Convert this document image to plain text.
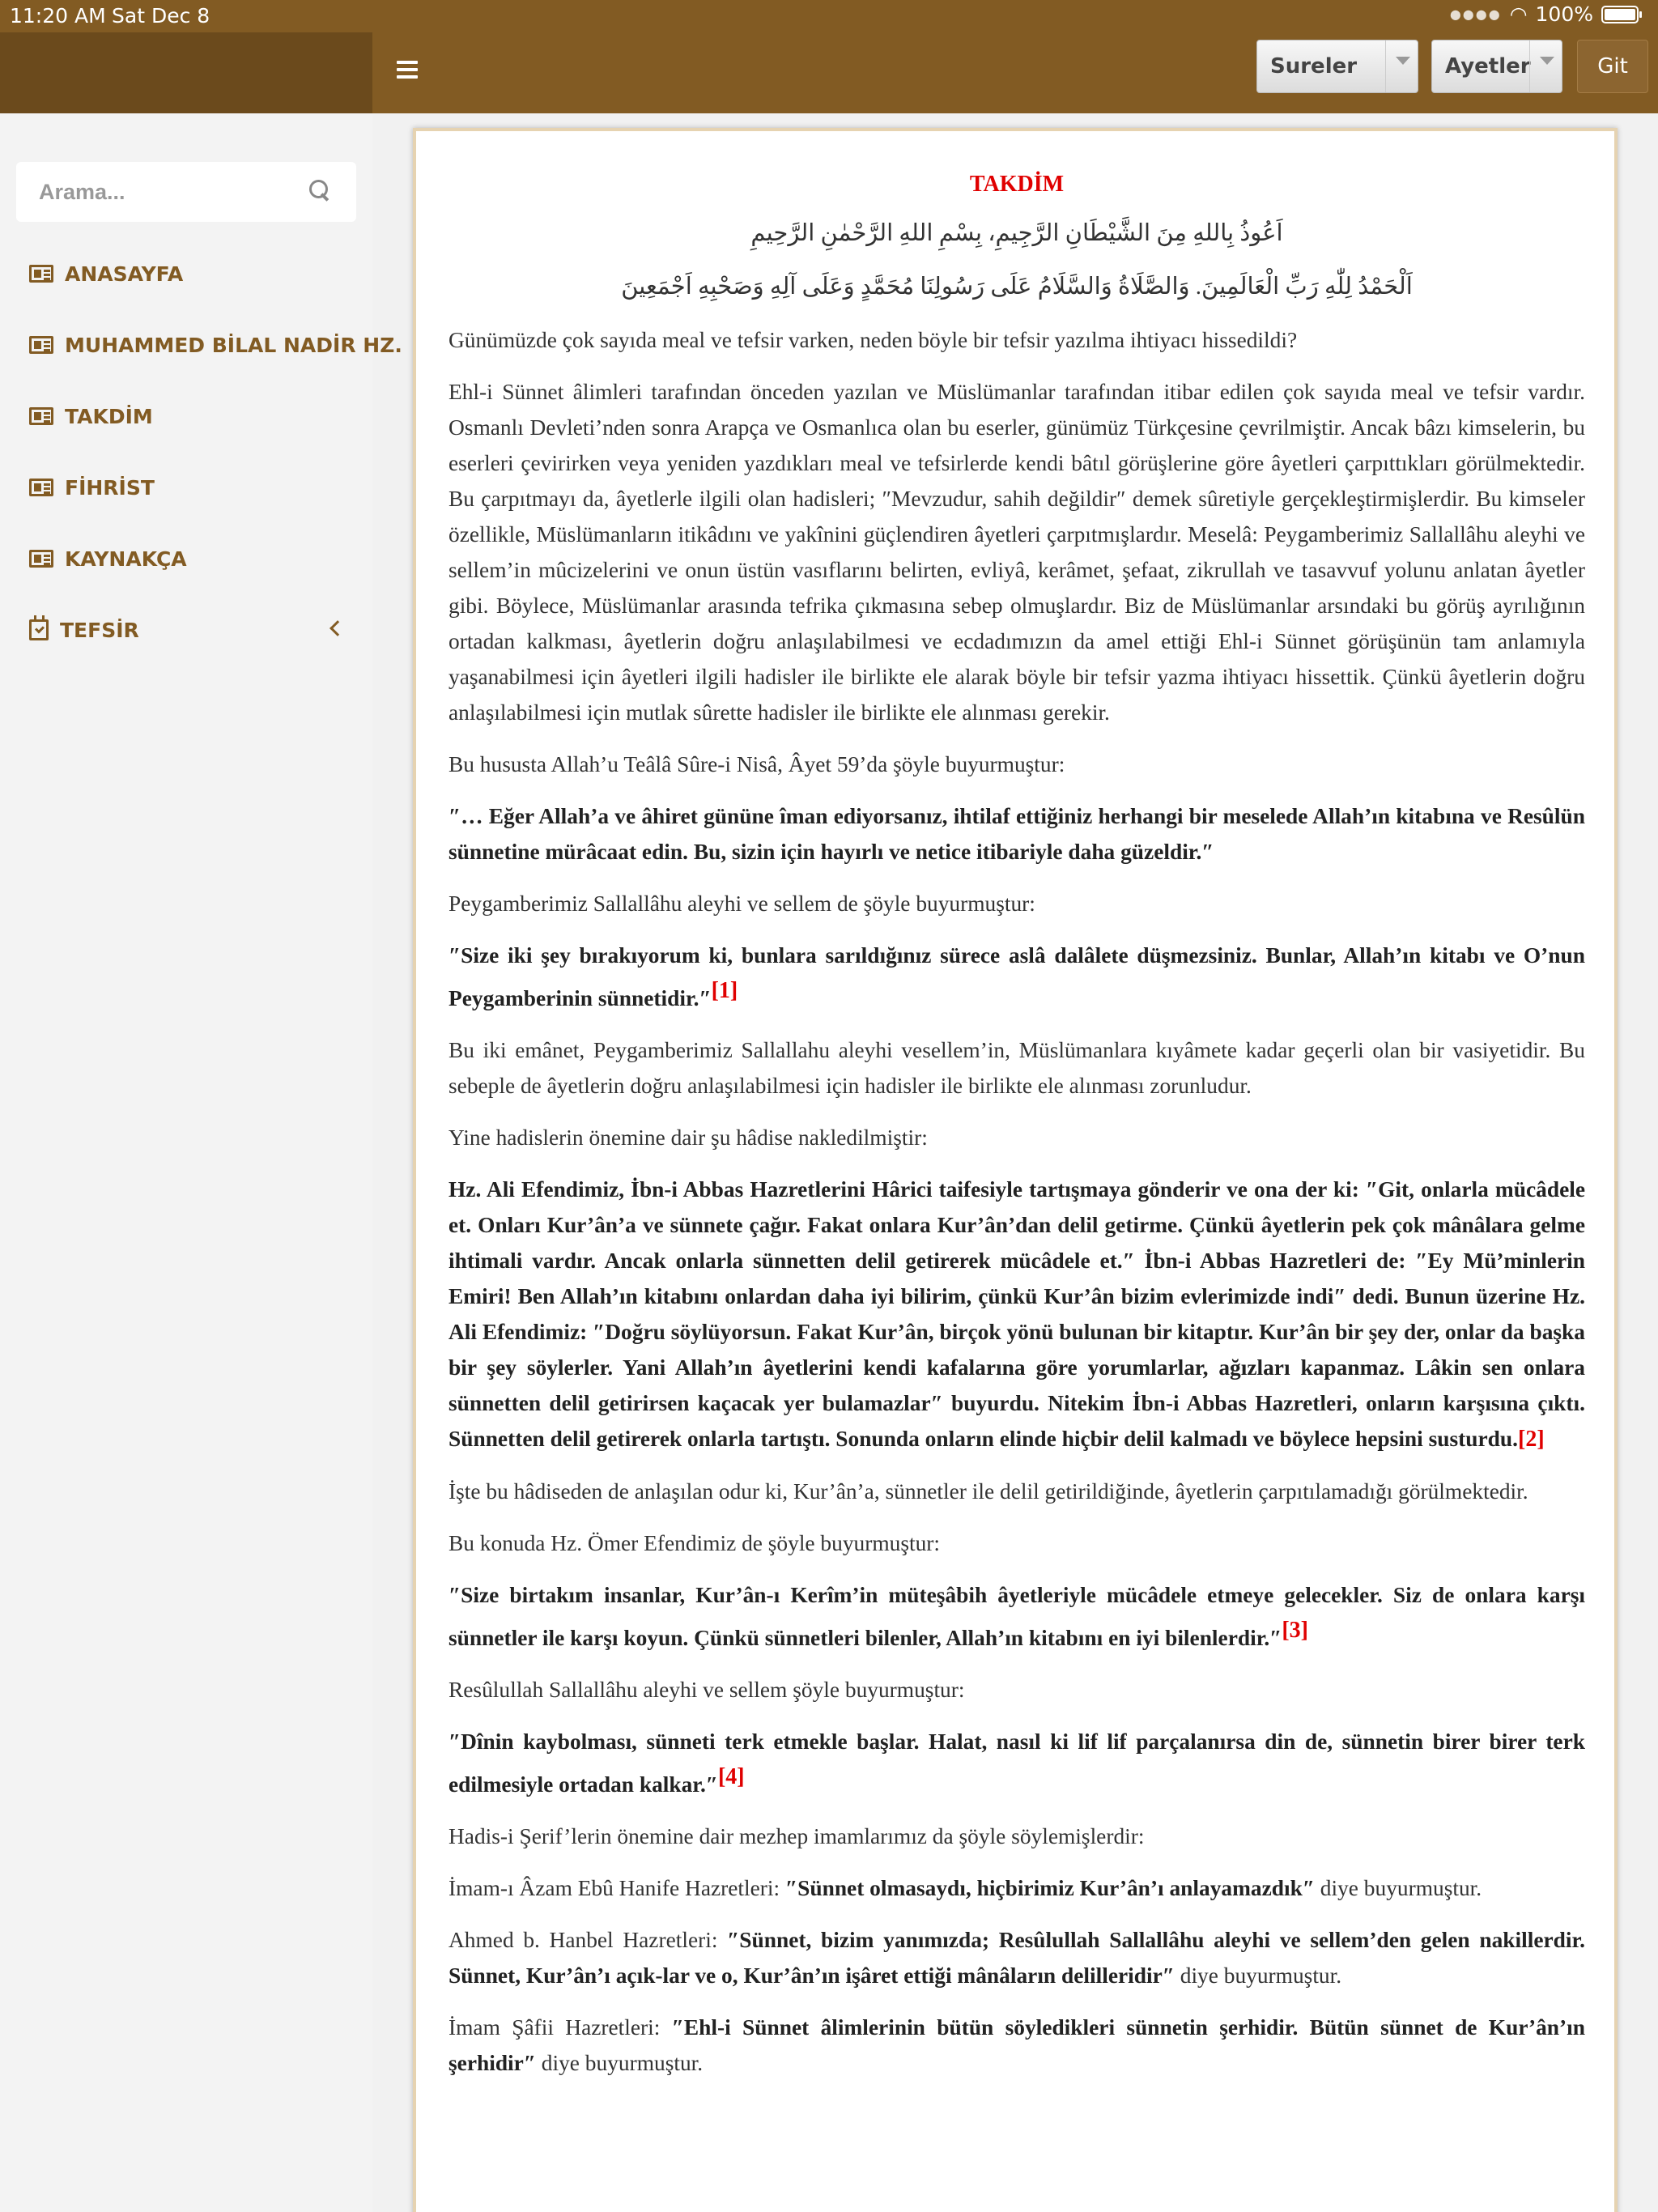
11:20 AM Sat Dec 8	●●●● ◠ 100%
Sureler	Ayetler	Git
Arama...
ANASAYFA
MUHAMMED BİLAL NADİR HZ.
TAKDİM
FİHRİST
KAYNAKÇA
TEFSİR
TAKDİM
اَعُوذُ بِاللهِ مِنَ الشَّيْطَانِ الرَّجِيمِ، بِسْمِ اللهِ الرَّحْمٰنِ الرَّحِيمِ
اَلْحَمْدُ لِلّٰهِ رَبِّ الْعَالَمِينَ. وَالصَّلَاةُ وَالسَّلَامُ عَلَى رَسُولِنَا مُحَمَّدٍ وَعَلَى آلِهِ وَصَحْبِهِ اَجْمَعِينَ

Günümüzde çok sayıda meal ve tefsir varken, neden böyle bir tefsir yazılma ihtiyacı hissedildi?

Ehl-i Sünnet âlimleri tarafından önceden yazılan ve Müslümanlar tarafından itibar edilen çok sayıda meal ve tefsir vardır. Osmanlı Devleti’nden sonra Arapça ve Osmanlıca olan bu eserler, günümüz Türkçesine çevrilmiştir. Ancak bâzı kimselerin, bu eserleri çevirirken veya yeniden yazdıkları meal ve tefsirlerde kendi bâtıl görüşlerine göre âyetleri çarpıttıkları görülmektedir. Bu çarpıtmayı da, âyetlerle ilgili olan hadisleri; ″Mevzudur, sahih değildir″ demek sûretiyle gerçekleştirmişlerdir. Bu kimseler özellikle, Müslümanların itikâdını ve yakînini güçlendiren âyetleri çarpıtmışlardır. Meselâ: Peygamberimiz Sallallâhu aleyhi ve sellem’in mûcizelerini ve onun üstün vasıflarını belirten, evliyâ, kerâmet, şefaat, zikrullah ve tasavvuf yolunu anlatan âyetler gibi. Böylece, Müslümanlar arasında tefrika çıkmasına sebep olmuşlardır. Biz de Müslümanlar arsındaki bu görüş ayrılığının ortadan kalkması, âyetlerin doğru anlaşılabilmesi ve ecdadımızın da amel ettiği Ehl-i Sünnet görüşünün tam anlamıyla yaşanabilmesi için âyetleri ilgili hadisler ile birlikte ele alarak böyle bir tefsir yazma ihtiyacı hissettik. Çünkü âyetlerin doğru anlaşılabilmesi için mutlak sûrette hadisler ile birlikte ele alınması gerekir.

Bu hususta Allah’u Teâlâ Sûre-i Nisâ, Âyet 59’da şöyle buyurmuştur:

″… Eğer Allah’a ve âhiret gününe îman ediyorsanız, ihtilaf ettiğiniz herhangi bir meselede Allah’ın kitabına ve Resûlün sünnetine mürâcaat edin. Bu, sizin için hayırlı ve netice itibariyle daha güzeldir.″

Peygamberimiz Sallallâhu aleyhi ve sellem de şöyle buyurmuştur:

″Size iki şey bırakıyorum ki, bunlara sarıldığınız sürece aslâ dalâlete düşmezsiniz. Bunlar, Allah’ın kitabı ve O’nun Peygamberinin sünnetidir.″[1]

Bu iki emânet, Peygamberimiz Sallallahu aleyhi vesellem’in, Müslümanlara kıyâmete kadar geçerli olan bir vasiyetidir. Bu sebeple de âyetlerin doğru anlaşılabilmesi için hadisler ile birlikte ele alınması zorunludur.

Yine hadislerin önemine dair şu hâdise nakledilmiştir:

Hz. Ali Efendimiz, İbn-i Abbas Hazretlerini Hârici taifesiyle tartışmaya gönderir ve ona der ki: ″Git, onlarla mücâdele et. Onları Kur’ân’a ve sünnete çağır. Fakat onlara Kur’ân’dan delil getirme. Çünkü âyetlerin pek çok mânâlara gelme ihtimali vardır. Ancak onlarla sünnetten delil getirerek mücâdele et.″ İbn-i Abbas Hazretleri de: ″Ey Mü’minlerin Emiri! Ben Allah’ın kitabını onlardan daha iyi bilirim, çünkü Kur’ân bizim evlerimizde indi″ dedi. Bunun üzerine Hz. Ali Efendimiz: ″Doğru söylüyorsun. Fakat Kur’ân, birçok yönü bulunan bir kitaptır. Kur’ân bir şey der, onlar da başka bir şey söylerler. Yani Allah’ın âyetlerini kendi kafalarına göre yorumlarlar, ağızları kapanmaz. Lâkin sen onlara sünnetten delil getirirsen kaçacak yer bulamazlar″ buyurdu. Nitekim İbn-i Abbas Hazretleri, onların karşısına çıktı. Sünnetten delil getirerek onlarla tartıştı. Sonunda onların elinde hiçbir delil kalmadı ve böylece hepsini susturdu.[2]

İşte bu hâdiseden de anlaşılan odur ki, Kur’ân’a, sünnetler ile delil getirildiğinde, âyetlerin çarpıtılamadığı görülmektedir.

Bu konuda Hz. Ömer Efendimiz de şöyle buyurmuştur:

″Size birtakım insanlar, Kur’ân-ı Kerîm’in müteşâbih âyetleriyle mücâdele etmeye gelecekler. Siz de onlara karşı sünnetler ile karşı koyun. Çünkü sünnetleri bilenler, Allah’ın kitabını en iyi bilenlerdir.″[3]

Resûlullah Sallallâhu aleyhi ve sellem şöyle buyurmuştur:

″Dînin kaybolması, sünneti terk etmekle başlar. Halat, nasıl ki lif lif parçalanırsa din de, sünnetin birer birer terk edilmesiyle ortadan kalkar.″[4]

Hadis-i Şerif’lerin önemine dair mezhep imamlarımız da şöyle söylemişlerdir:

İmam-ı Âzam Ebû Hanife Hazretleri: ″Sünnet olmasaydı, hiçbirimiz Kur’ân’ı anlayamazdık″ diye buyurmuştur.

Ahmed b. Hanbel Hazretleri: ″Sünnet, bizim yanımızda; Resûlullah Sallallâhu aleyhi ve sellem’den gelen nakillerdir. Sünnet, Kur’ân’ı açık-lar ve o, Kur’ân’ın işâret ettiği mânâların delilleridir″ diye buyurmuştur.

İmam Şâfii Hazretleri: ″Ehl-i Sünnet âlimlerinin bütün söyledikleri sünnetin şerhidir. Bütün sünnet de Kur’ân’ın şerhidir″ diye buyurmuştur.
